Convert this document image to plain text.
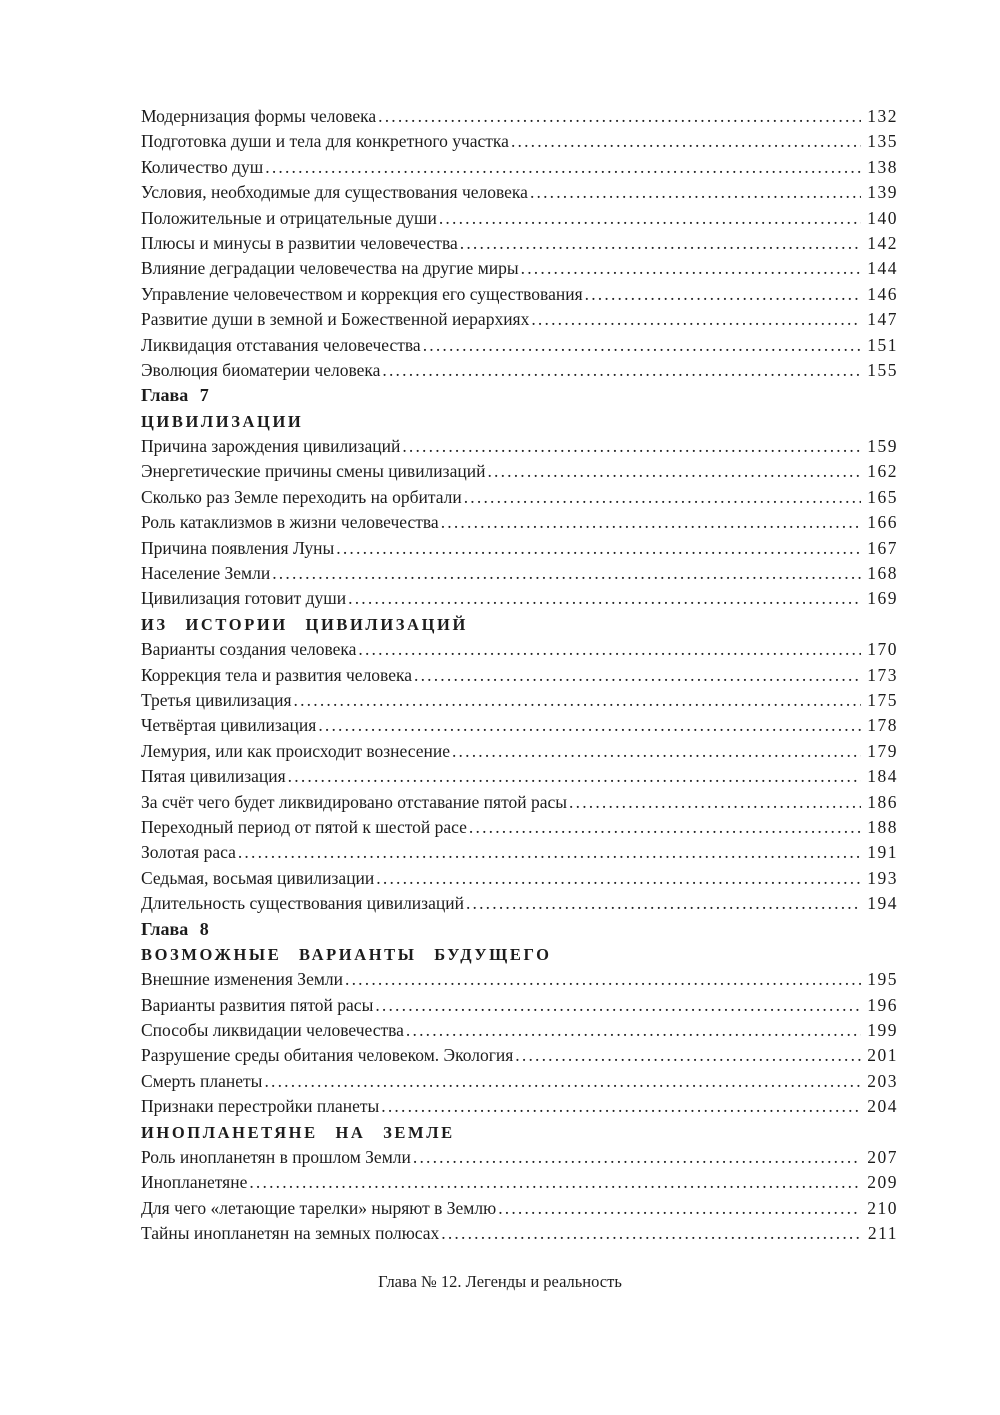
Модернизация формы человека .....	132
Подготовка души и тела для конкретного участка .....	135
Количество душ .....	138
Условия, необходимые для существования человека .....	139
Положительные и отрицательные души .....	140
Плюсы и минусы в развитии человечества .....	142
Влияние деградации человечества на другие миры .....	144
Управление человечеством и коррекция его существования .....	146
Развитие души в земной и Божественной иерархиях .....	147
Ликвидация отставания человечества .....	151
Эволюция биоматерии человека .....	155
Глава 7
ЦИВИЛИЗАЦИИ
Причина зарождения цивилизаций .....	159
Энергетические причины смены цивилизаций .....	162
Сколько раз Земле переходить на орбитали .....	165
Роль катаклизмов в жизни человечества .....	166
Причина появления Луны .....	167
Население Земли .....	168
Цивилизация готовит души .....	169
ИЗ ИСТОРИИ ЦИВИЛИЗАЦИЙ
Варианты создания человека .....	170
Коррекция тела и развития человека .....	173
Третья цивилизация .....	175
Четвёртая цивилизация .....	178
Лемурия, или как происходит вознесение .....	179
Пятая цивилизация .....	184
За счёт чего будет ликвидировано отставание пятой расы .....	186
Переходный период от пятой к шестой расе .....	188
Золотая раса .....	191
Седьмая, восьмая цивилизации .....	193
Длительность существования цивилизаций .....	194
Глава 8
ВОЗМОЖНЫЕ ВАРИАНТЫ БУДУЩЕГО
Внешние изменения Земли .....	195
Варианты развития пятой расы .....	196
Способы ликвидации человечества .....	199
Разрушение среды обитания человеком. Экология .....	201
Смерть планеты .....	203
Признаки перестройки планеты .....	204
ИНОПЛАНЕТЯНЕ НА ЗЕМЛЕ
Роль инопланетян в прошлом Земли .....	207
Инопланетяне .....	209
Для чего «летающие тарелки» ныряют в Землю .....	210
Тайны инопланетян на земных полюсах .....	211
Глава № 12. Легенды и реальность
